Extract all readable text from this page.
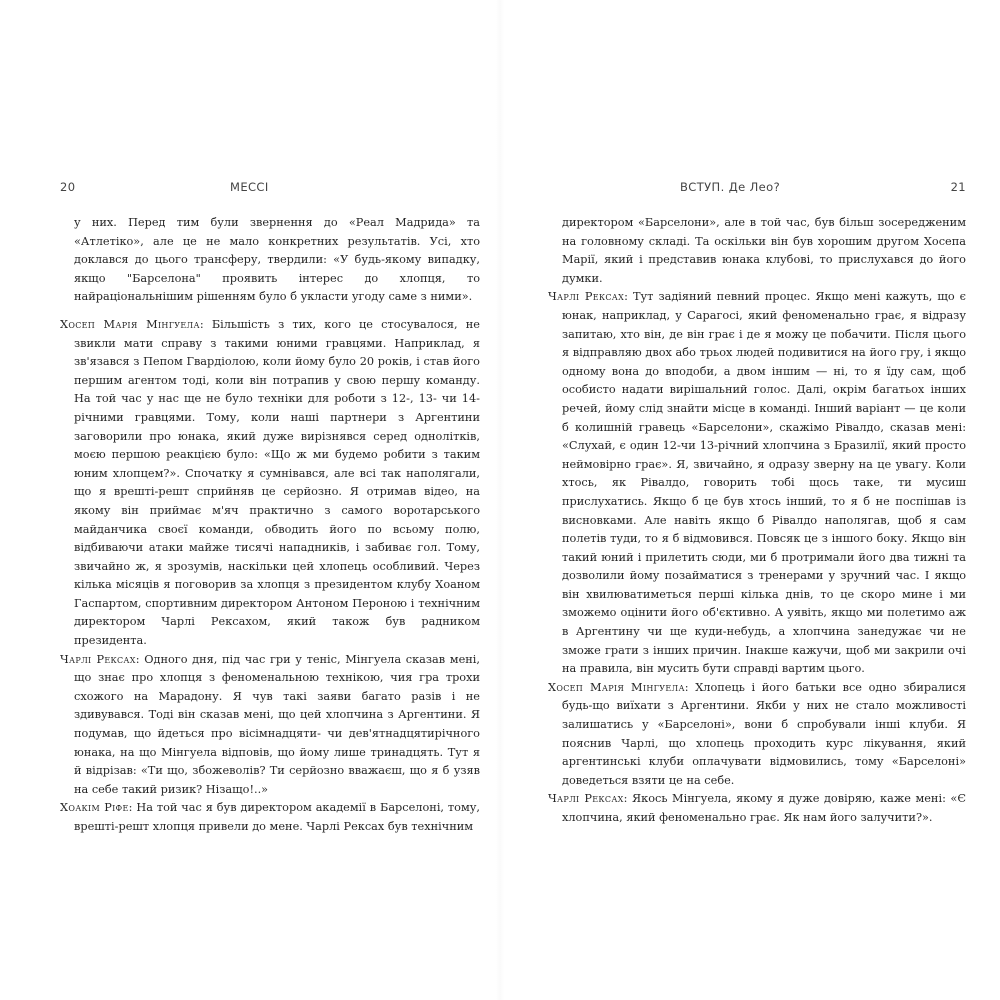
20	МЕССІ

у них. Перед тим були звернення до «Реал Мадрида» та «Атлетіко», але це не мало конкретних результатів. Усі, хто доклався до цього трансферу, твердили: «У будь-якому випадку, якщо "Барселона" проявить інтерес до хлопця, то найраціональнішим рішенням було б укласти угоду саме з ними».

Хосеп Марія Мінгуела: Більшість з тих, кого це стосувалося, не звикли мати справу з такими юними гравцями. Наприклад, я зв'язався з Пепом Гвардіолою, коли йому було 20 років, і став його першим агентом тоді, коли він потрапив у свою першу команду. На той час у нас ще не було техніки для роботи з 12-, 13- чи 14-річними гравцями. Тому, коли наші партнери з Аргентини заговорили про юнака, який дуже вирізнявся серед однолітків, моєю першою реакцією було: «Що ж ми будемо робити з таким юним хлопцем?». Спочатку я сумнівався, але всі так наполягали, що я врешті-решт сприйняв це серйозно. Я отримав відео, на якому він приймає м'яч практично з самого воротарського майданчика своєї команди, обводить його по всьому полю, відбиваючи атаки майже тисячі нападників, і забиває гол. Тому, звичайно ж, я зрозумів, наскільки цей хлопець особливий. Через кілька місяців я поговорив за хлопця з президентом клубу Хоаном Гаспартом, спортивним директором Антоном Пероною і технічним директором Чарлі Рексахом, який також був радником президента.

Чарлі Рексах: Одного дня, під час гри у теніс, Мінгуела сказав мені, що знає про хлопця з феноменальною технікою, чия гра трохи схожого на Марадону. Я чув такі заяви багато разів і не здивувався. Тоді він сказав мені, що цей хлопчина з Аргентини. Я подумав, що йдеться про вісімнадцяти- чи дев'ятнадцятирічного юнака, на що Мінгуела відповів, що йому лише тринадцять. Тут я й відрізав: «Ти що, збожеволів? Ти серйозно вважаєш, що я б узяв на себе такий ризик? Нізащо!..»

Хоакім Ріфе: На той час я був директором академії в Барселоні, тому, врешті-решт хлопця привели до мене. Чарлі Рексах був технічним

ВСТУП. Де Лео?	21

директором «Барселони», але в той час, був більш зосередженим на головному складі. Та оскільки він був хорошим другом Хосепа Марії, який і представив юнака клубові, то прислухався до його думки.

Чарлі Рексах: Тут задіяний певний процес. Якщо мені кажуть, що є юнак, наприклад, у Сарагосі, який феноменально грає, я відразу запитаю, хто він, де він грає і де я можу це побачити. Після цього я відправляю двох або трьох людей подивитися на його гру, і якщо одному вона до вподоби, а двом іншим — ні, то я їду сам, щоб особисто надати вирішальний голос. Далі, окрім багатьох інших речей, йому слід знайти місце в команді. Інший варіант — це коли б колишній гравець «Барселони», скажімо Рівалдо, сказав мені: «Слухай, є один 12-чи 13-річний хлопчина з Бразилії, який просто неймовірно грає». Я, звичайно, я одразу зверну на це увагу. Коли хтось, як Рівалдо, говорить тобі щось таке, ти мусиш прислухатись. Якщо б це був хтось інший, то я б не поспішав із висновками. Але навіть якщо б Рівалдо наполягав, щоб я сам полетів туди, то я б відмовився. Повсяк це з іншого боку. Якщо він такий юний і прилетить сюди, ми б протримали його два тижні та дозволили йому позайматися з тренерами у зручний час. І якщо він хвилюватиметься перші кілька днів, то це скоро мине і ми зможемо оцінити його об'єктивно. А уявіть, якщо ми полетимо аж в Аргентину чи ще куди-небудь, а хлопчина занедужає чи не зможе грати з інших причин. Інакше кажучи, щоб ми закрили очі на правила, він мусить бути справді вартим цього.

Хосеп Марія Мінгуела: Хлопець і його батьки все одно збиралися будь-що виїхати з Аргентини. Якби у них не стало можливості залишатись у «Барселоні», вони б спробували інші клуби. Я пояснив Чарлі, що хлопець проходить курс лікування, який аргентинські клуби оплачувати відмовились, тому «Барселоні» доведеться взяти це на себе.

Чарлі Рексах: Якось Мінгуела, якому я дуже довіряю, каже мені: «Є хлопчина, який феноменально грає. Як нам його залучити?».
